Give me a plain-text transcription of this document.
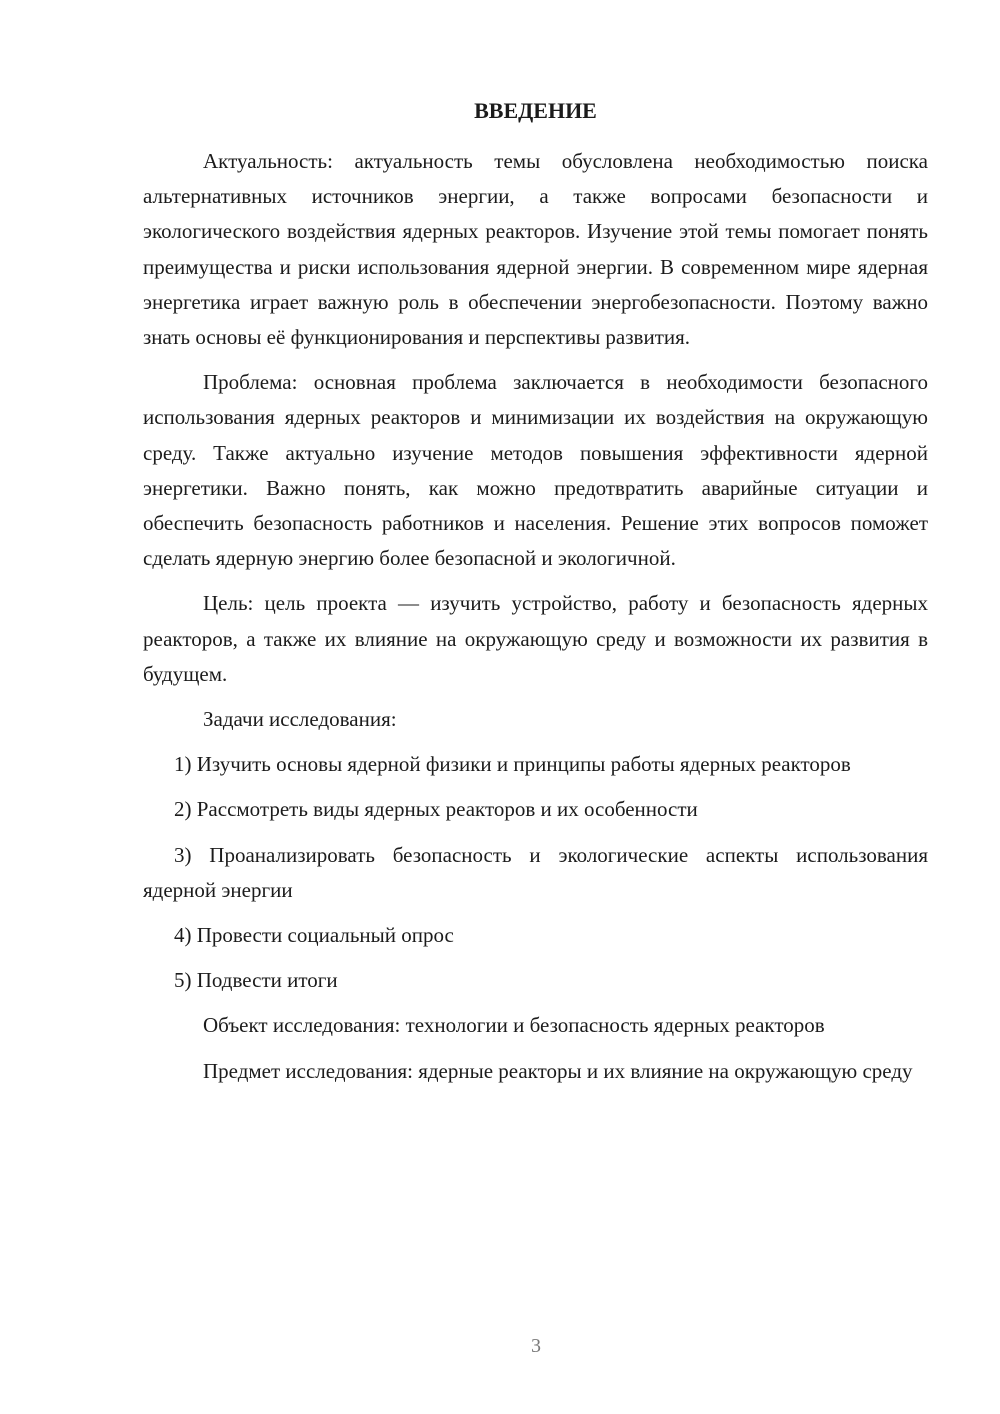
ВВЕДЕНИЕ

Актуальность: актуальность темы обусловлена необходимостью поиска альтернативных источников энергии, а также вопросами безопасности и экологического воздействия ядерных реакторов. Изучение этой темы помогает понять преимущества и риски использования ядерной энергии. В современном мире ядерная энергетика играет важную роль в обеспечении энергобезопасности. Поэтому важно знать основы её функционирования и перспективы развития.

Проблема: основная проблема заключается в необходимости безопасного использования ядерных реакторов и минимизации их воздействия на окружающую среду. Также актуально изучение методов повышения эффективности ядерной энергетики. Важно понять, как можно предотвратить аварийные ситуации и обеспечить безопасность работников и населения. Решение этих вопросов поможет сделать ядерную энергию более безопасной и экологичной.

Цель: цель проекта — изучить устройство, работу и безопасность ядерных реакторов, а также их влияние на окружающую среду и возможности их развития в будущем.

Задачи исследования:

1) Изучить основы ядерной физики и принципы работы ядерных реакторов

2) Рассмотреть виды ядерных реакторов и их особенности

3) Проанализировать безопасность и экологические аспекты использования ядерной энергии

4) Провести социальный опрос

5) Подвести итоги

Объект исследования: технологии и безопасность ядерных реакторов

Предмет исследования: ядерные реакторы и их влияние на окружающую среду

3
